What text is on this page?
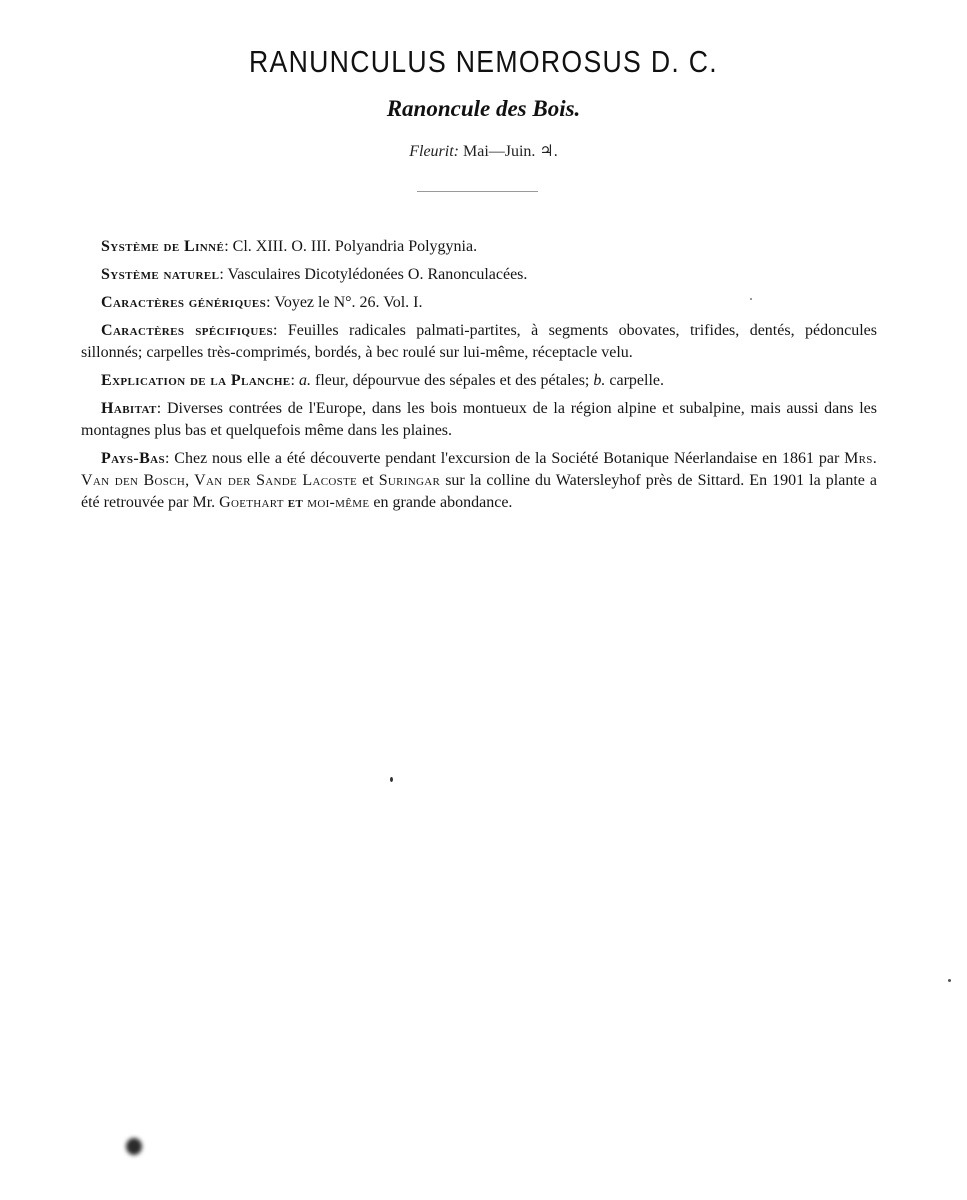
RANUNCULUS NEMOROSUS D. C.
Ranoncule des Bois.
Fleurit: Mai—Juin. ♃.

Système de Linné: Cl. XIII. O. III. Polyandria Polygynia.

Système naturel: Vasculaires Dicotylédonées O. Ranonculacées.

Caractères génériques: Voyez le N°. 26. Vol. I.

Caractères spécifiques: Feuilles radicales palmati-partites, à segments obovates, trifides, dentés, pédoncules sillonnés; carpelles très-comprimés, bordés, à bec roulé sur lui-même, réceptacle velu.

Explication de la Planche: a. fleur, dépourvue des sépales et des pétales; b. carpelle.

Habitat: Diverses contrées de l'Europe, dans les bois montueux de la région alpine et subalpine, mais aussi dans les montagnes plus bas et quelquefois même dans les plaines.

Pays-Bas: Chez nous elle a été découverte pendant l'excursion de la Société Botanique Néerlandaise en 1861 par Mrs. Van den Bosch, Van der Sande Lacoste et Suringar sur la colline du Watersleyhof près de Sittard. En 1901 la plante a été retrouvée par Mr. Goethart et moi-même en grande abondance.
